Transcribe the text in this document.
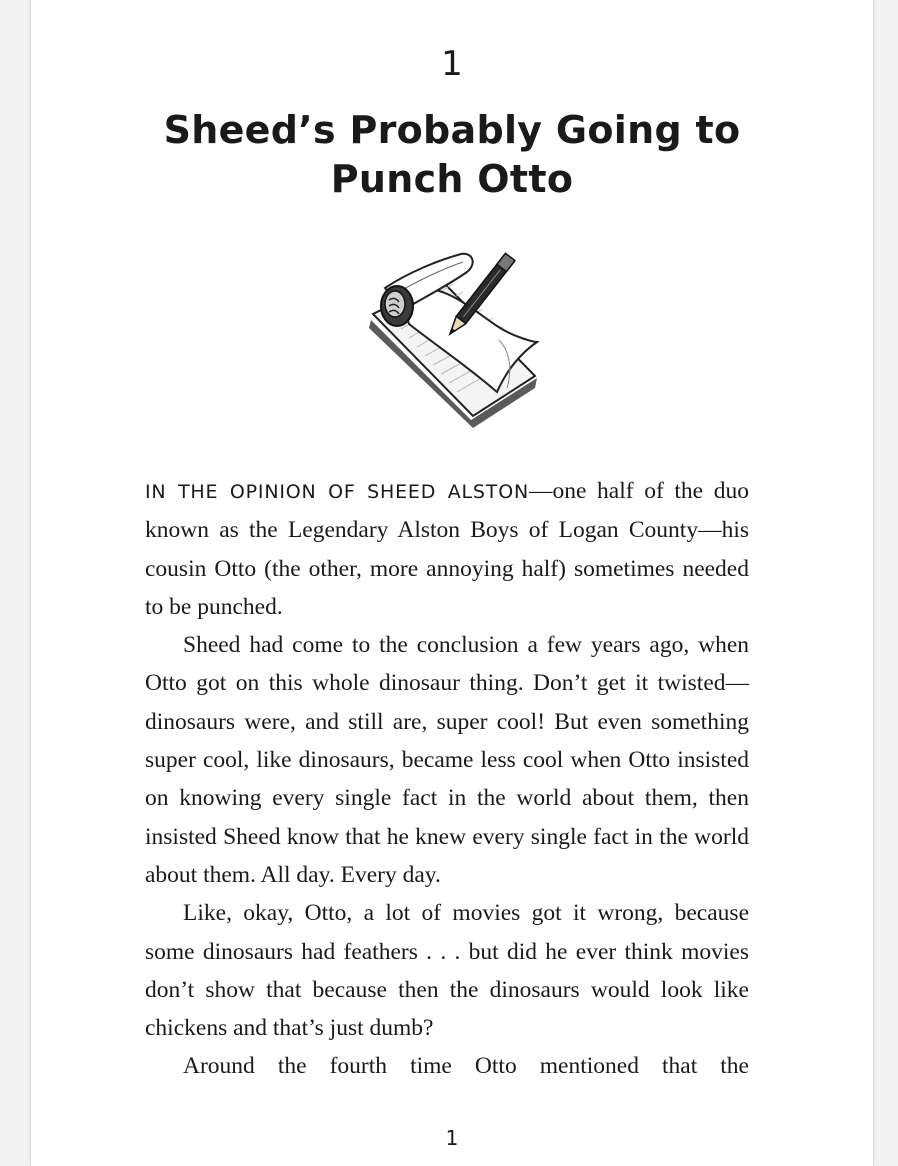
1
Sheed’s Probably Going to
Punch Otto

IN THE OPINION OF SHEED ALSTON—one half of the duo known as the Legendary Alston Boys of Logan County—his cousin Otto (the other, more annoying half) sometimes needed to be punched.

Sheed had come to the conclusion a few years ago, when Otto got on this whole dinosaur thing. Don’t get it twisted—dinosaurs were, and still are, super cool! But even something super cool, like dinosaurs, became less cool when Otto insisted on knowing every single fact in the world about them, then insisted Sheed know that he knew every single fact in the world about them. All day. Every day.

Like, okay, Otto, a lot of movies got it wrong, because some dinosaurs had feathers . . . but did he ever think movies don’t show that because then the dinosaurs would look like chickens and that’s just dumb?

Around the fourth time Otto mentioned that the

1
